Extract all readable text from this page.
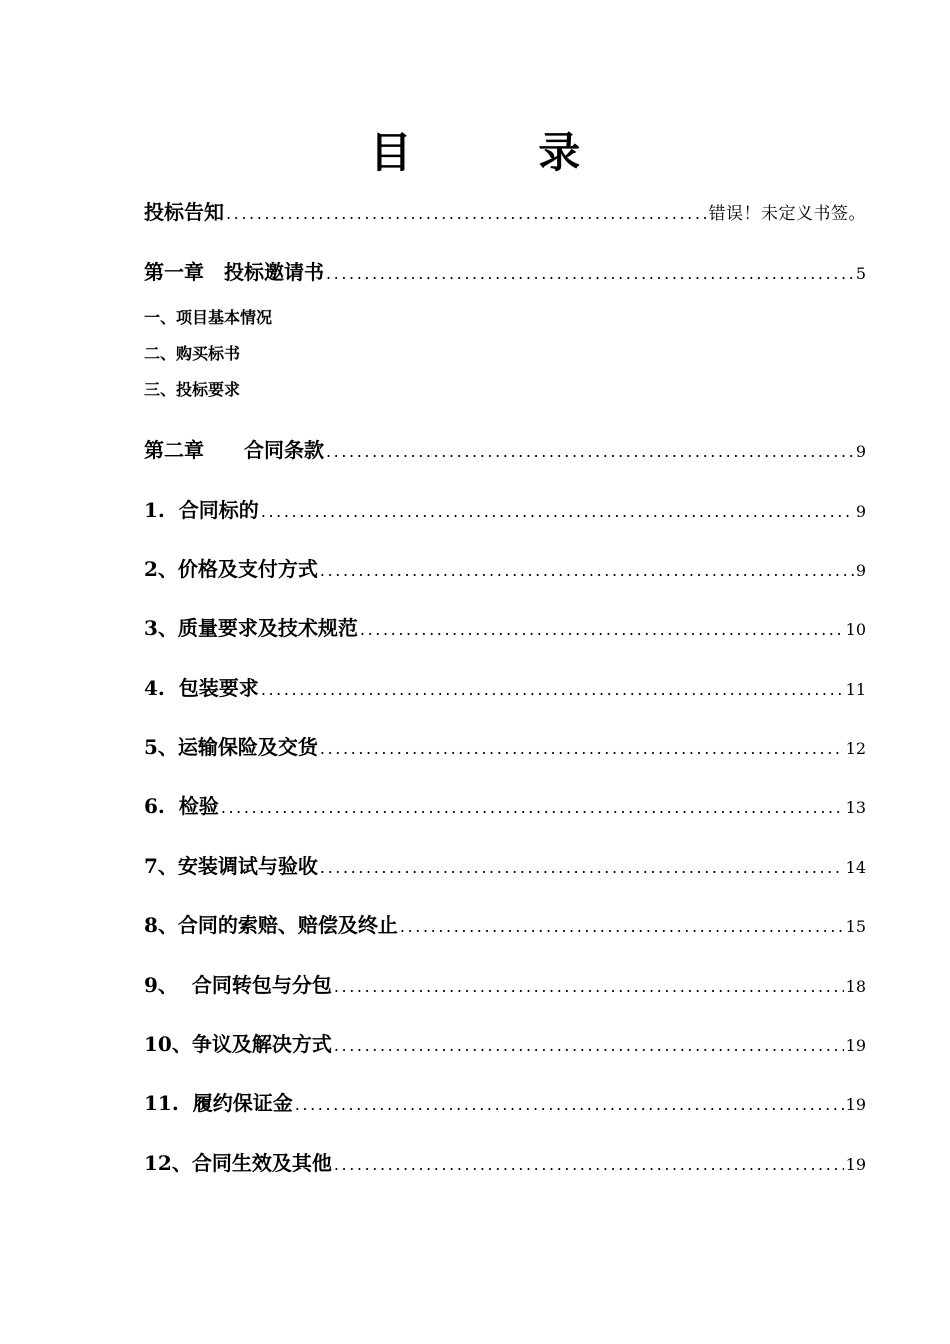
目 录
投标告知 .....	错误！未定义书签。
第一章　投标邀请书 .....	5
一、项目基本情况
二、购买标书
三、投标要求
第二章　　合同条款 .....	9
1.  合同标的 .....	9
2、价格及支付方式 .....	9
3、质量要求及技术规范 .....	10
4.  包装要求 .....	11
5、运输保险及交货 .....	12
6.  检验 .....	13
7、安装调试与验收 .....	14
8、合同的索赔、赔偿及终止 .....	15
9、  合同转包与分包 .....	18
10、争议及解决方式 .....	19
11.  履约保证金 .....	19
12、合同生效及其他 .....	19
